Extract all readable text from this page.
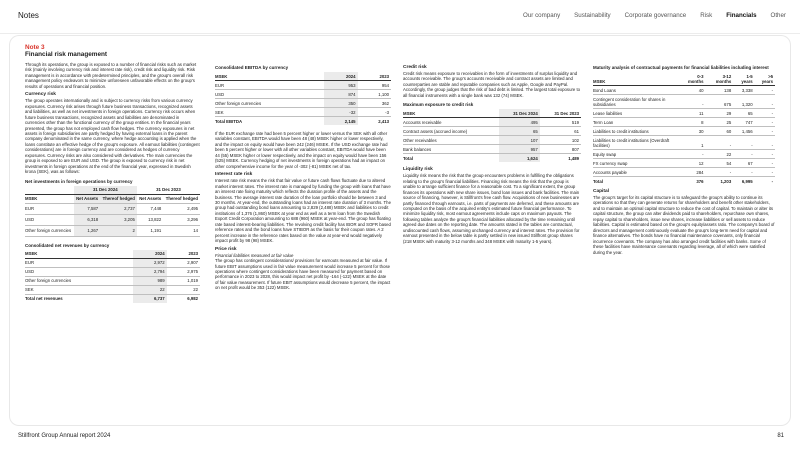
Notes	Our company Sustainability Corporate governance Risk Financials Other
Note 3
Financial risk management

Through its operations, the group is exposed to a number of financial risks such as market risk (mainly involving currency risk and interest rate risk), credit risk and liquidity risk. Risk management is in accordance with predetermined principles, and the group's overall risk management policy endeavors to minimize unforeseen unfavorable effects on the group's results of operations and financial position.

Currency risk

The group operates internationally and is subject to currency risks from various currency exposures. Currency risk arises through future business transactions, recognized assets and liabilities, as well as net investments in foreign operations. Currency risk occurs when future business transactions, recognized assets and liabilities are denominated in currencies other than the functional currency of the group entities. In the financial years presented, the group has not employed cash flow hedges. The currency exposures in net assets in foreign subsidiaries are partly hedged by having external loans in the parent company denominated in the same currency, where hedge accounting is applied when the loans constitute an effective hedge of the group's exposure. All earnout liabilities (contingent considerations) are in foreign currency and are considered as hedges of currency exposures. Currency risks are also considered with derivatives. The main currencies the group is exposed to are EUR and USD. The group is exposed to currency risk in net investments in foreign operations at the end of the financial year, expressed in Swedish krona (SEK), was as follows:

Net investments in foreign operations by currency
	31 Dec 2024		31 Dec 2023	
MSEK	Net Assets	Thereof hedged	Net Assets	Thereof hedged
EUR	7,587	2,737	7,448	2,495
USD	6,318	3,205	13,822	3,296
Other foreign currencies	1,267	2	1,191	14
Consolidated net revenues by currency
MSEK	2024	2023
EUR	2,972	2,907
USD	2,794	2,975
Other foreign currencies	989	1,019
SEK	22	22
Total net revenues	6,737	6,982
Consolidated EBITDA by currency
MSEK	2024	2023
EUR	953	954
USD	874	1,100
Other foreign currencies	350	362
SEK	-32	-3
Total EBITDA	2,145	2,413

If the EUR exchange rate had been 5 percent higher or lower versus the SEK with all other variables constant, EBITDA would have been 48 (48) MSEK higher or lower respectively, and the impact on equity would have been 242 (246) MSEK. If the USD exchange rate had been 5 percent higher or lower with all other variables constant, EBITDA would have been 44 (55) MSEK higher or lower respectively, and the impact on equity would have been 156 (525) MSEK. Currency hedging of net investments in foreign operations had an impact on other comprehensive income for the year of -302 (-81) MSEK net of tax.

Interest rate risk

Interest rate risk means the risk that fair value or future cash flows fluctuate due to altered market interest rates. The interest rate is managed by funding the group with loans that have an interest rate fixing maturity which reflects the duration profile of the assets and the business. The average interest rate duration of the loan portfolio should be between 3 and 30 months. At year-end, the outstanding loans had an interest rate duration of 3 months. The group had outstanding bond loans amounting to 2,829 (2,488) MSEK and liabilities to credit institutions of 1,376 (1,860) MSEK at year end as well as a term loan from the Swedish Export Credit Corporation amounting to 688 (960) MSEK at year-end. The group has floating rate based interest-bearing liabilities. The revolving credit facility has IBOR and SOFR based reference rates and the bond loans have STIBOR as the basis for their coupon rates. A 2 percent increase in the reference rates based on the value at year-end would negatively impact profit by 98 (98) MSEK.

Price risk
Financial liabilities measured at fair value

The group has contingent considerations/ provisions for earnouts measured at fair value. If future EBIT assumptions used in fair value measurement would increase 5 percent for those operations where contingent considerations have been measured for payment based on performance in 2023 to 2028, this would impact net profit by -164 (-122) MSEK at the date of fair value measurement. If future EBIT assumptions would decrease 5 percent, the impact on net profit would be 353 (122) MSEK.

Credit risk

Credit risk means exposure to receivables in the form of investments of surplus liquidity and accounts receivable. The group's accounts receivable and contract assets are limited and counterparties are stable and reputable companies such as Apple, Google and PayPal. Accordingly, the group judges that the risk of bad debt is limited. The largest total exposure to all financial instruments with a single bank was 132 (74) MSEK.

Maximum exposure to credit risk
MSEK	31 Dec 2024	31 Dec 2023
Accounts receivable	495	519
Contract assets (accrued income)	65	61
Other receivables	107	102
Bank balances	957	807
Total	1,624	1,489
Liquidity risk

Liquidity risk means the risk that the group encounters problems in fulfilling the obligations relating to the group's financial liabilities. Financing risk means the risk that the group is unable to arrange sufficient finance for a reasonable cost. To a significant extent, the group finances its operations with new share issues, bond loan issues and bank facilities. The main source of financing, however, is Stillfront's free cash flow. Acquisitions of new businesses are partly financed through earnouts, i.e. parts of payments are deferred, and these amounts are computed on the basis of the acquired entity's estimated future financial performance. To minimize liquidity risk, most earnout agreements include caps on maximum payouts. The following tables analyze the group's financial liabilities allocated by the time remaining until agreed due dates on the reporting date. The amounts stated in the tables are contractual, undiscounted cash flows, assuming unchanged currency and interest rates. The provision for earnout presented in the below table is partly settled in new issued Stillfront group shares (218 MSEK with maturity 3-12 months and 348 MSEK with maturity 1-5 years).

Maturity analysis of contractual payments for financial liabilities including interest
MSEK	0-3 months	3-12 months	1-5 years	>5 years
Bond Loans	40	138	3,338	-
Contingent consideration for shares in subsidiaries	-	675	1,320	-
Lease liabilities	11	29	65	-
Term Loan	8	25	747	-
Liabilities to credit institutions	30	60	1,456	-
Liabilities to credit institutions (Overdraft facilities)	1	-	-	-
Equity swap	-	22	-	-
FX currency swap	12	54	67	-
Accounts payable	284	-	-	-
Total	376	1,203	6,995	-
Capital

The group's target for its capital structure is to safeguard the group's ability to continue its operations so that they can generate returns for shareholders and benefit other stakeholders, and to maintain an optimal capital structure to reduce the cost of capital. To maintain or alter its capital structure, the group can alter dividends paid to shareholders, repurchase own shares, repay capital to shareholders, issue new shares, increase liabilities or sell assets to reduce liabilities. Capital is estimated based on the group's equity/assets ratio. The company's board of directors and management continuously evaluate the group's long-term need for capital and finance alternatives. The bonds have no financial maintenance covenants, only financial incurrence covenants. The company has also arranged credit facilities with banks. Some of these facilities have maintenance covenants regarding leverage, all of which were satisfied during the year.

Stillfront Group Annual report 2024	81
